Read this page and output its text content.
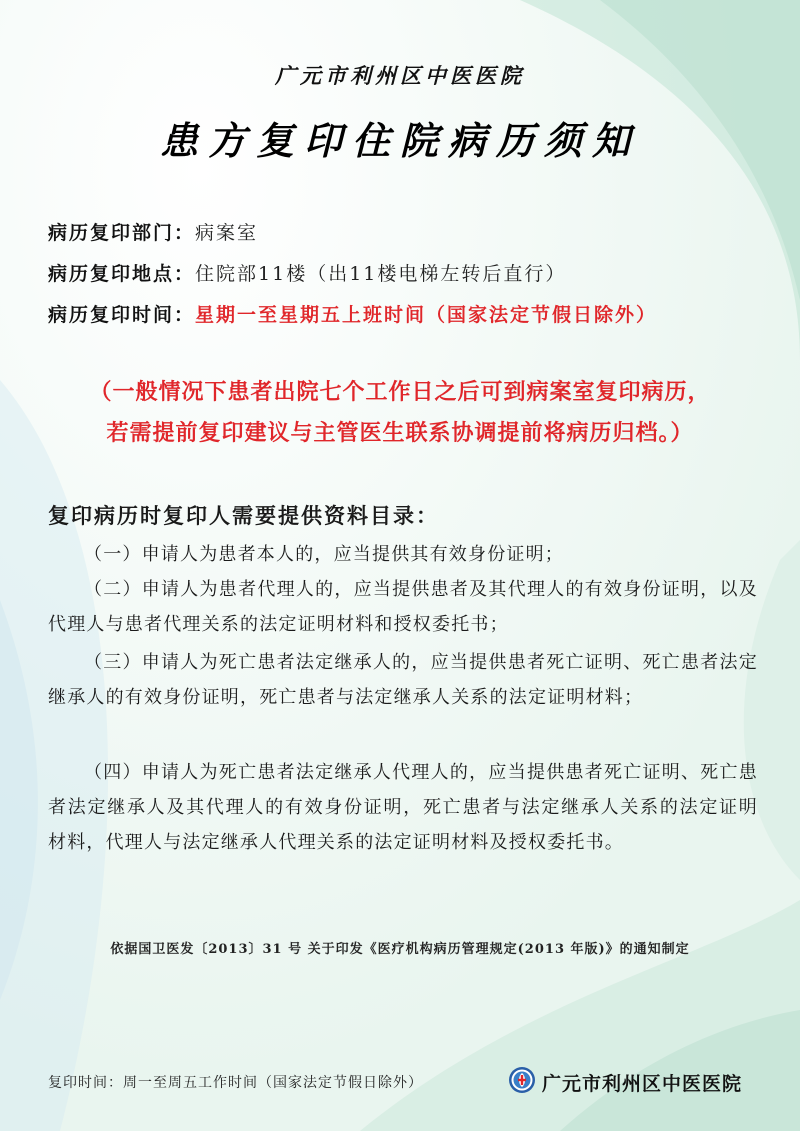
广元市利州区中医医院
患方复印住院病历须知
病历复印部门：病案室
病历复印地点：住院部11楼（出11楼电梯左转后直行）
病历复印时间：星期一至星期五上班时间（国家法定节假日除外）
（一般情况下患者出院七个工作日之后可到病案室复印病历，
若需提前复印建议与主管医生联系协调提前将病历归档。）
复印病历时复印人需要提供资料目录：
（一）申请人为患者本人的，应当提供其有效身份证明；
（二）申请人为患者代理人的，应当提供患者及其代理人的有效身份证明，以及代理人与患者代理关系的法定证明材料和授权委托书；
（三）申请人为死亡患者法定继承人的，应当提供患者死亡证明、死亡患者法定继承人的有效身份证明，死亡患者与法定继承人关系的法定证明材料；
（四）申请人为死亡患者法定继承人代理人的，应当提供患者死亡证明、死亡患者法定继承人及其代理人的有效身份证明，死亡患者与法定继承人关系的法定证明材料，代理人与法定继承人代理关系的法定证明材料及授权委托书。
依据国卫医发〔2013〕31 号 关于印发《医疗机构病历管理规定(2013 年版)》的通知制定
复印时间：周一至周五工作时间（国家法定节假日除外）	广元市利州区中医医院
